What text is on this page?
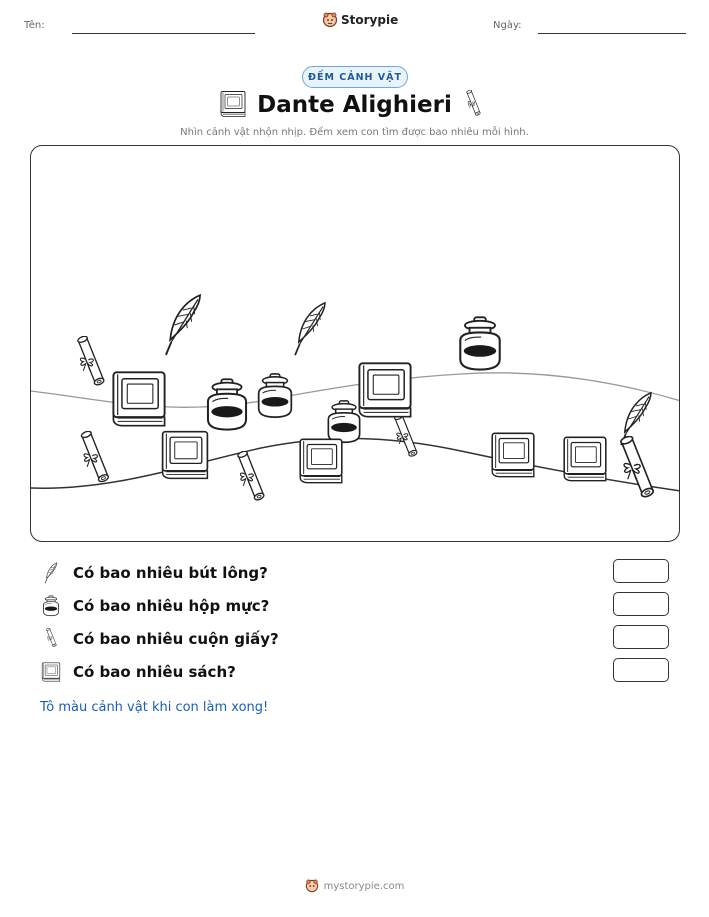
Tên:	Storypie	Ngày:
ĐẾM CẢNH VẬT
Dante Alighieri
Nhìn cảnh vật nhộn nhịp. Đếm xem con tìm được bao nhiêu mỗi hình.
Có bao nhiêu bút lông?
Có bao nhiêu hộp mực?
Có bao nhiêu cuộn giấy?
Có bao nhiêu sách?
Tô màu cảnh vật khi con làm xong!
mystorypie.com
